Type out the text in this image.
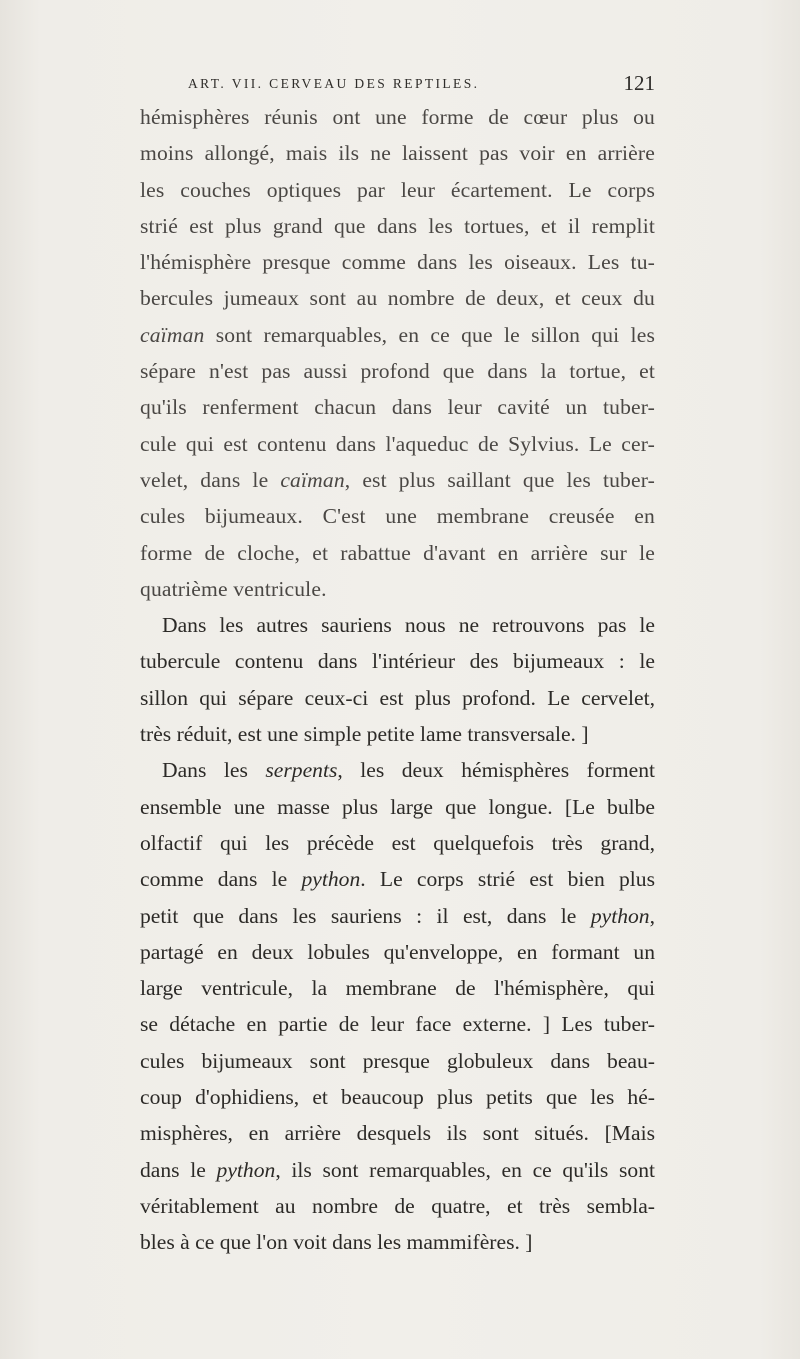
ART. VII. CERVEAU DES REPTILES.	121
hémisphères réunis ont une forme de cœur plus ou
moins allongé, mais ils ne laissent pas voir en arrière
les couches optiques par leur écartement. Le corps
strié est plus grand que dans les tortues, et il remplit
l'hémisphère presque comme dans les oiseaux. Les tu-
bercules jumeaux sont au nombre de deux, et ceux du
caïman sont remarquables, en ce que le sillon qui les
sépare n'est pas aussi profond que dans la tortue, et
qu'ils renferment chacun dans leur cavité un tuber-
cule qui est contenu dans l'aqueduc de Sylvius. Le cer-
velet, dans le caïman, est plus saillant que les tuber-
cules bijumeaux. C'est une membrane creusée en
forme de cloche, et rabattue d'avant en arrière sur le
quatrième ventricule.
Dans les autres sauriens nous ne retrouvons pas le
tubercule contenu dans l'intérieur des bijumeaux : le
sillon qui sépare ceux-ci est plus profond. Le cervelet,
très réduit, est une simple petite lame transversale. ]
Dans les serpents, les deux hémisphères forment
ensemble une masse plus large que longue. [Le bulbe
olfactif qui les précède est quelquefois très grand,
comme dans le python. Le corps strié est bien plus
petit que dans les sauriens : il est, dans le python,
partagé en deux lobules qu'enveloppe, en formant un
large ventricule, la membrane de l'hémisphère, qui
se détache en partie de leur face externe. ] Les tuber-
cules bijumeaux sont presque globuleux dans beau-
coup d'ophidiens, et beaucoup plus petits que les hé-
misphères, en arrière desquels ils sont situés. [Mais
dans le python, ils sont remarquables, en ce qu'ils sont
véritablement au nombre de quatre, et très sembla-
bles à ce que l'on voit dans les mammifères. ]
